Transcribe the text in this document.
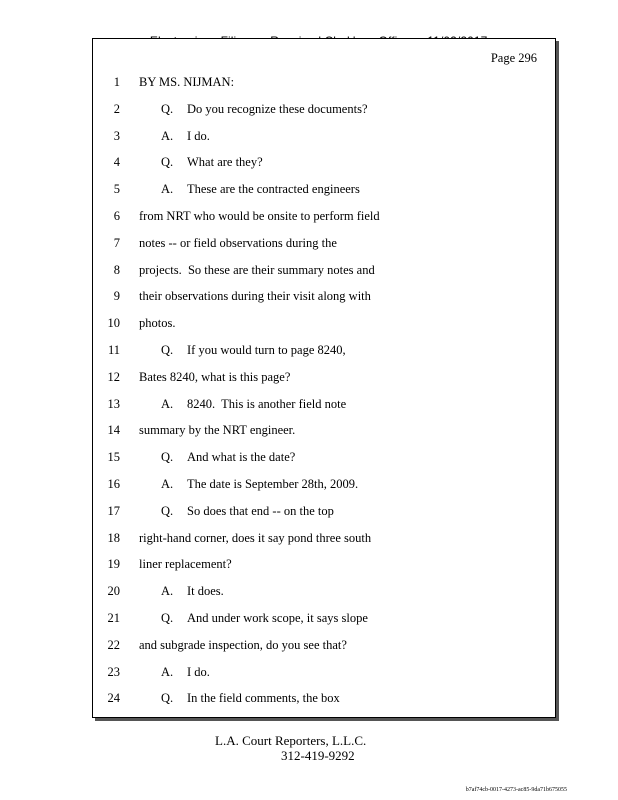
Page 296
1 BY MS. NIJMAN:
2	Q. Do you recognize these documents?
3	A. I do.
4	Q. What are they?
5	A. These are the contracted engineers
6 from NRT who would be onsite to perform field
7 notes -- or field observations during the
8 projects.  So these are their summary notes and
9 their observations during their visit along with
10 photos.
11	Q. If you would turn to page 8240,
12 Bates 8240, what is this page?
13	A. 8240.  This is another field note
14 summary by the NRT engineer.
15	Q. And what is the date?
16	A. The date is September 28th, 2009.
17	Q. So does that end -- on the top
18 right-hand corner, does it say pond three south
19 liner replacement?
20	A. It does.
21	Q. And under work scope, it says slope
22 and subgrade inspection, do you see that?
23	A. I do.
24	Q. In the field comments, the box
L.A. Court Reporters, L.L.C.
312-419-9292
b7af74cb-0017-4273-ac85-9da71b675055
